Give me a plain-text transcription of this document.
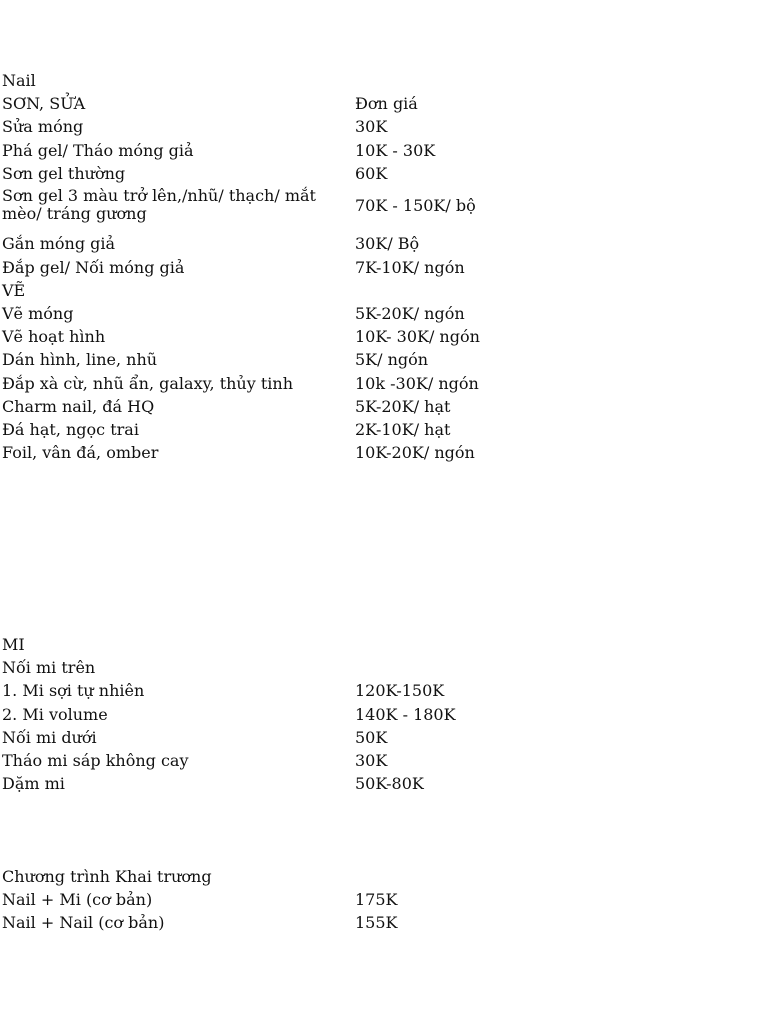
Nail
SƠN, SỬA	Đơn giá
Sửa móng	30K
Phá gel/ Tháo móng giả	10K - 30K
Sơn gel thường	60K
Sơn gel 3 màu trở lên,/nhũ/ thạch/ mắt mèo/ tráng gương	70K - 150K/ bộ
Gắn móng giả	30K/ Bộ
Đắp gel/ Nối móng giả	7K-10K/ ngón
VẼ
Vẽ móng	5K-20K/ ngón
Vẽ hoạt hình	10K- 30K/ ngón
Dán hình, line, nhũ	5K/ ngón
Đắp xà cừ, nhũ ẩn, galaxy, thủy tinh	10k -30K/ ngón
Charm nail, đá HQ	5K-20K/ hạt
Đá hạt, ngọc trai	2K-10K/ hạt
Foil, vân đá, omber	10K-20K/ ngón
MI
Nối mi trên
1. Mi sợi tự nhiên	120K-150K
2. Mi volume	140K - 180K
Nối mi dưới	50K
Tháo mi sáp không cay	30K
Dặm mi	50K-80K
Chương trình Khai trương
Nail + Mi (cơ bản)	175K
Nail + Nail (cơ bản)	155K
